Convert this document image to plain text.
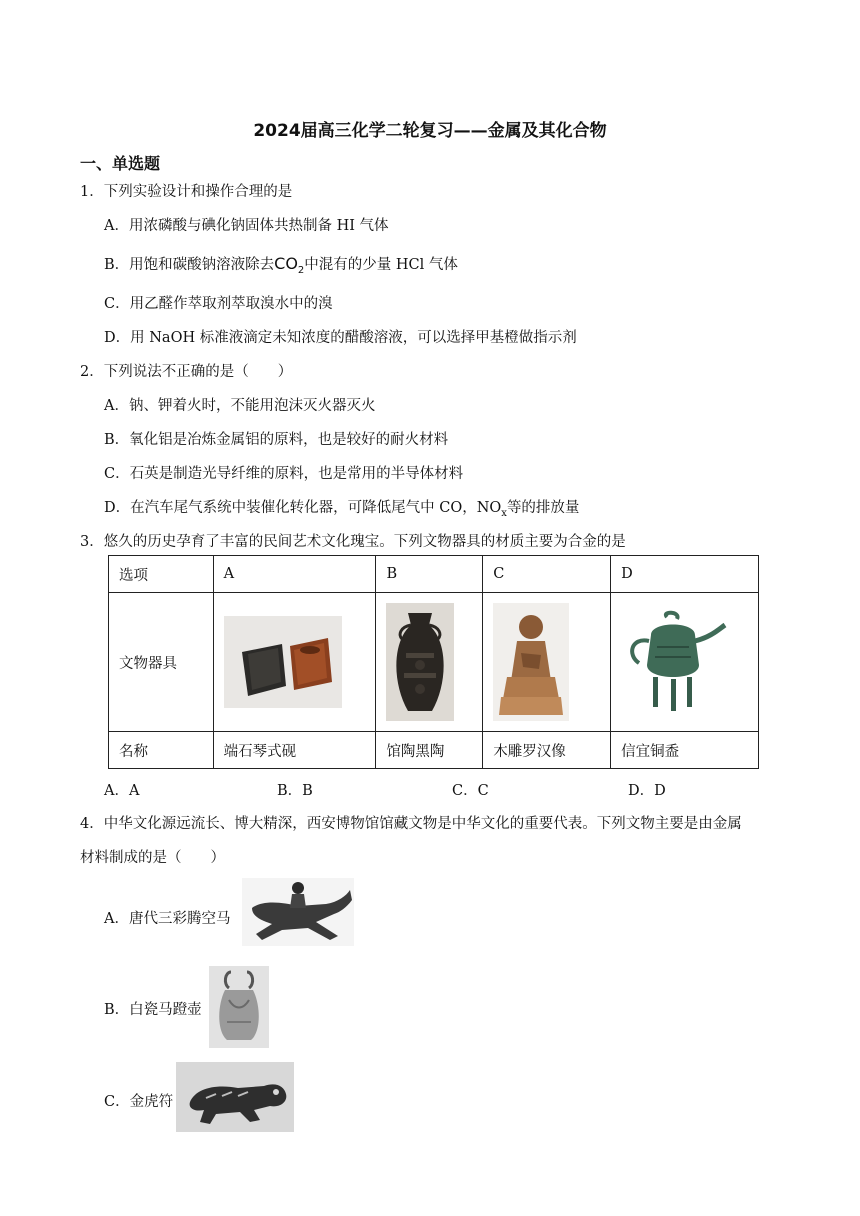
2024届高三化学二轮复习——金属及其化合物
一、单选题
1．下列实验设计和操作合理的是
A．用浓磷酸与碘化钠固体共热制备 HI 气体
B．用饱和碳酸钠溶液除去$CO_2$中混有的少量 HCl 气体
C．用乙醛作萃取剂萃取溴水中的溴
D．用 NaOH 标准液滴定未知浓度的醋酸溶液，可以选择甲基橙做指示剂
2．下列说法不正确的是（　　）
A．钠、钾着火时，不能用泡沫灭火器灭火
B．氧化铝是冶炼金属铝的原料，也是较好的耐火材料
C．石英是制造光导纤维的原料，也是常用的半导体材料
D．在汽车尾气系统中装催化转化器，可降低尾气中 CO，$NO_x$等的排放量
3．悠久的历史孕育了丰富的民间艺术文化瑰宝。下列文物器具的材质主要为合金的是
选项	A	B	C	D
文物器具	

名称	端石琴式砚	馆陶黑陶	木雕罗汉像	信宜铜盉
A．A	B．B	C．C	D．D
4．中华文化源远流长、博大精深，西安博物馆馆藏文物是中华文化的重要代表。下列文物主要是由金属
材料制成的是（　　）
A．唐代三彩腾空马
B．白瓷马蹬壶
C．金虎符
